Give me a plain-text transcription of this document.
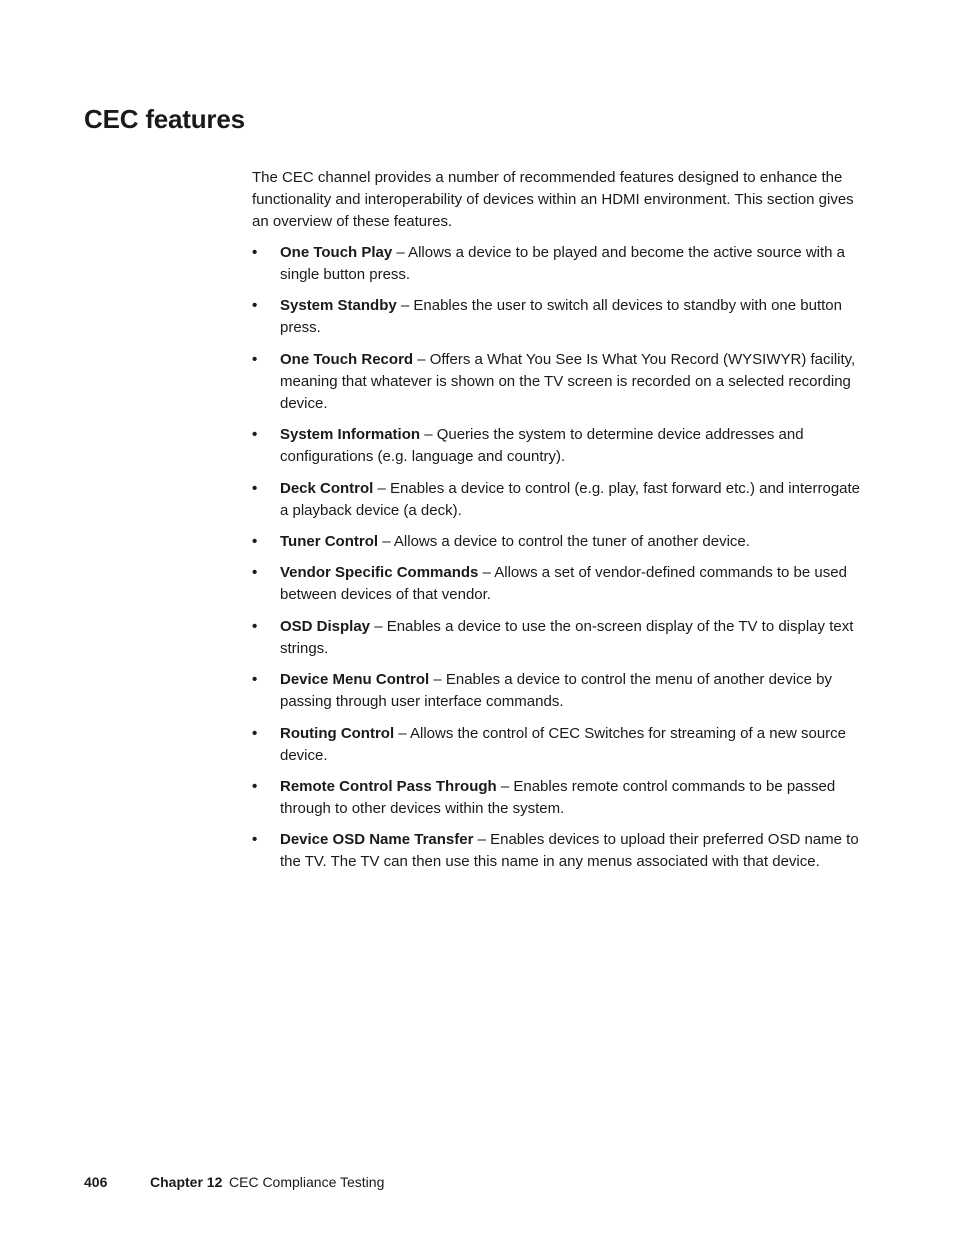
CEC features

The CEC channel provides a number of recommended features designed to enhance the functionality and interoperability of devices within an HDMI environment. This section gives an overview of these features.

• One Touch Play – Allows a device to be played and become the active source with a single button press.
• System Standby – Enables the user to switch all devices to standby with one button press.
• One Touch Record – Offers a What You See Is What You Record (WYSIWYR) facility, meaning that whatever is shown on the TV screen is recorded on a selected recording device.
• System Information – Queries the system to determine device addresses and configurations (e.g. language and country).
• Deck Control – Enables a device to control (e.g. play, fast forward etc.) and interrogate a playback device (a deck).
• Tuner Control – Allows a device to control the tuner of another device.
• Vendor Specific Commands – Allows a set of vendor-defined commands to be used between devices of that vendor.
• OSD Display – Enables a device to use the on-screen display of the TV to display text strings.
• Device Menu Control – Enables a device to control the menu of another device by passing through user interface commands.
• Routing Control – Allows the control of CEC Switches for streaming of a new source device.
• Remote Control Pass Through – Enables remote control commands to be passed through to other devices within the system.
• Device OSD Name Transfer – Enables devices to upload their preferred OSD name to the TV. The TV can then use this name in any menus associated with that device.
406	Chapter 12 CEC Compliance Testing
